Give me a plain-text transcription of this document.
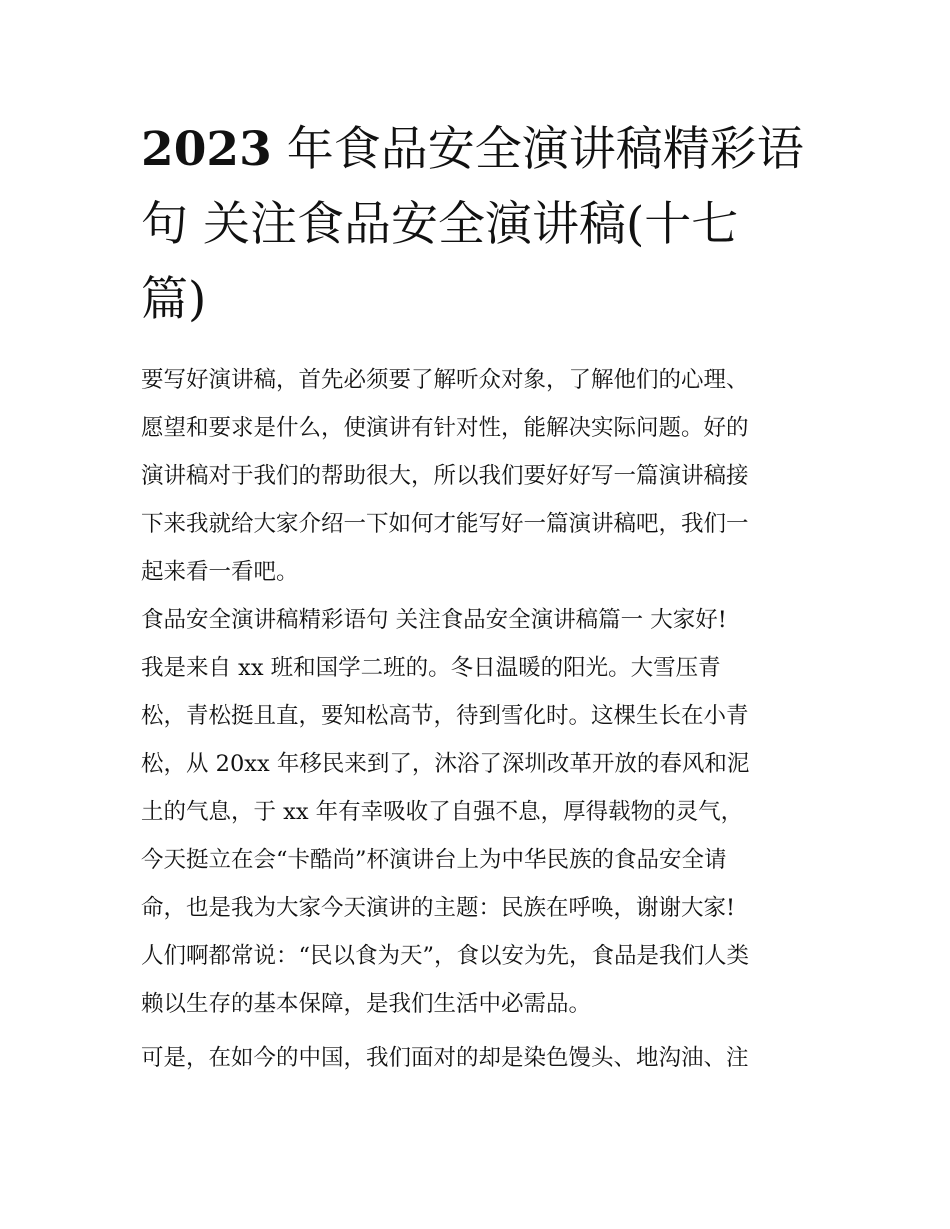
2023 年食品安全演讲稿精彩语
句 关注食品安全演讲稿(十七
篇)
要写好演讲稿，首先必须要了解听众对象，了解他们的心理、
愿望和要求是什么，使演讲有针对性，能解决实际问题。好的
演讲稿对于我们的帮助很大，所以我们要好好写一篇演讲稿接
下来我就给大家介绍一下如何才能写好一篇演讲稿吧，我们一
起来看一看吧。
食品安全演讲稿精彩语句 关注食品安全演讲稿篇一 大家好!
我是来自 xx 班和国学二班的。冬日温暖的阳光。大雪压青
松，青松挺且直，要知松高节，待到雪化时。这棵生长在小青
松，从 20xx 年移民来到了，沐浴了深圳改革开放的春风和泥
土的气息，于 xx 年有幸吸收了自强不息，厚得载物的灵气，
今天挺立在会“卡酷尚”杯演讲台上为中华民族的食品安全请
命，也是我为大家今天演讲的主题：民族在呼唤，谢谢大家!
人们啊都常说：“民以食为天”，食以安为先，食品是我们人类
赖以生存的基本保障，是我们生活中必需品。
可是，在如今的中国，我们面对的却是染色馒头、地沟油、注
